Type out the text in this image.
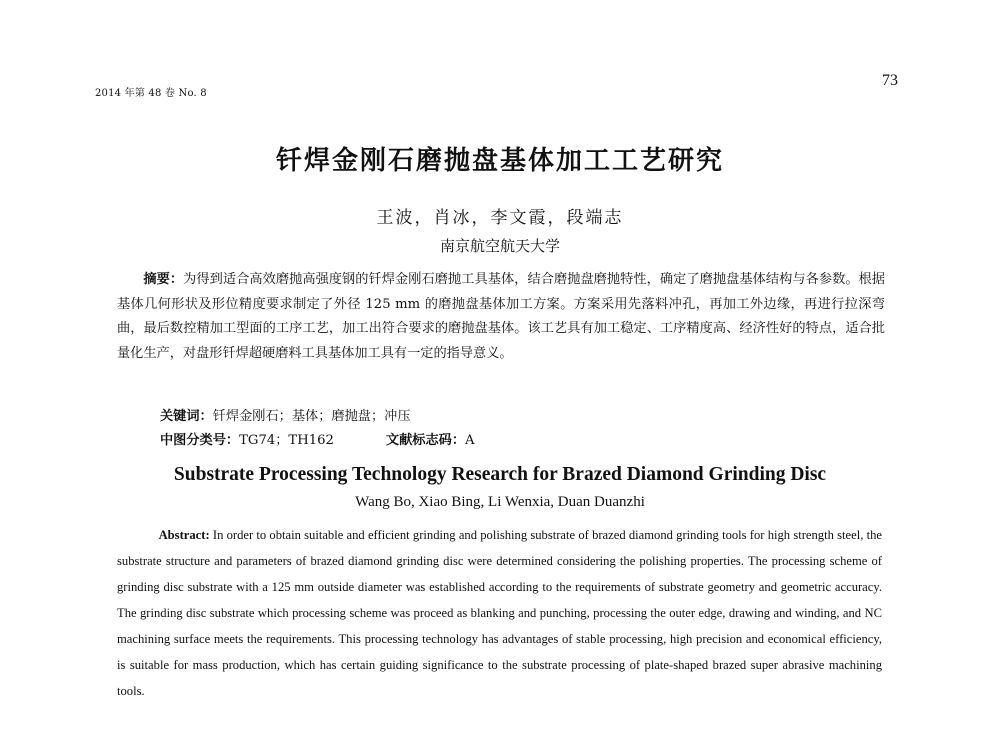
2014 年第 48 卷 No. 8
73
钎焊金刚石磨抛盘基体加工工艺研究
王波，肖冰，李文霞，段端志
南京航空航天大学
摘要：为得到适合高效磨抛高强度钢的钎焊金刚石磨抛工具基体，结合磨抛盘磨抛特性，确定了磨抛盘基体结构与各参数。根据基体几何形状及形位精度要求制定了外径 125 mm 的磨抛盘基体加工方案。方案采用先落料冲孔，再加工外边缘，再进行拉深弯曲，最后数控精加工型面的工序工艺，加工出符合要求的磨抛盘基体。该工艺具有加工稳定、工序精度高、经济性好的特点，适合批量化生产，对盘形钎焊超硬磨料工具基体加工具有一定的指导意义。
关键词：钎焊金刚石；基体；磨抛盘；冲压
中图分类号：TG74；TH162	文献标志码：A
Substrate Processing Technology Research for Brazed Diamond Grinding Disc
Wang Bo, Xiao Bing, Li Wenxia, Duan Duanzhi
Abstract: In order to obtain suitable and efficient grinding and polishing substrate of brazed diamond grinding tools for high strength steel, the substrate structure and parameters of brazed diamond grinding disc were determined considering the polishing properties. The processing scheme of grinding disc substrate with a 125 mm outside diameter was established according to the requirements of substrate geometry and geometric accuracy. The grinding disc substrate which processing scheme was proceed as blanking and punching, processing the outer edge, drawing and winding, and NC machining surface meets the requirements. This processing technology has advantages of stable processing, high precision and economical efficiency, is suitable for mass production, which has certain guiding significance to the substrate processing of plate-shaped brazed super abrasive machining tools.
